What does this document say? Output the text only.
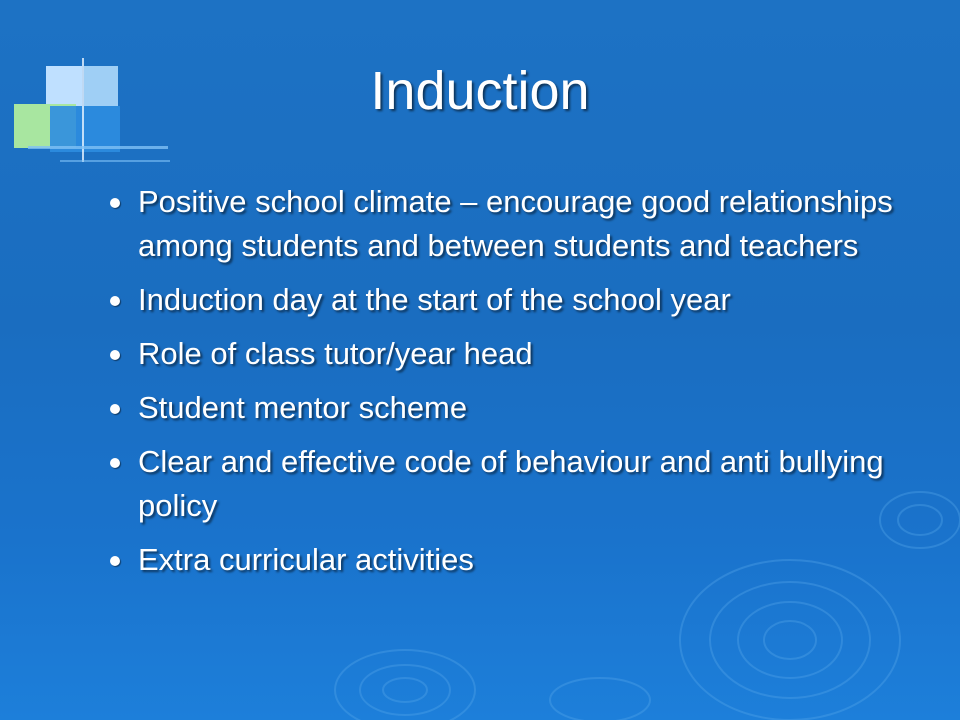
Induction
Positive school climate – encourage good relationships among students and between students and teachers
Induction day at the start of the school year
Role of class tutor/year head
Student mentor scheme
Clear and effective code of behaviour and anti bullying policy
Extra curricular activities
